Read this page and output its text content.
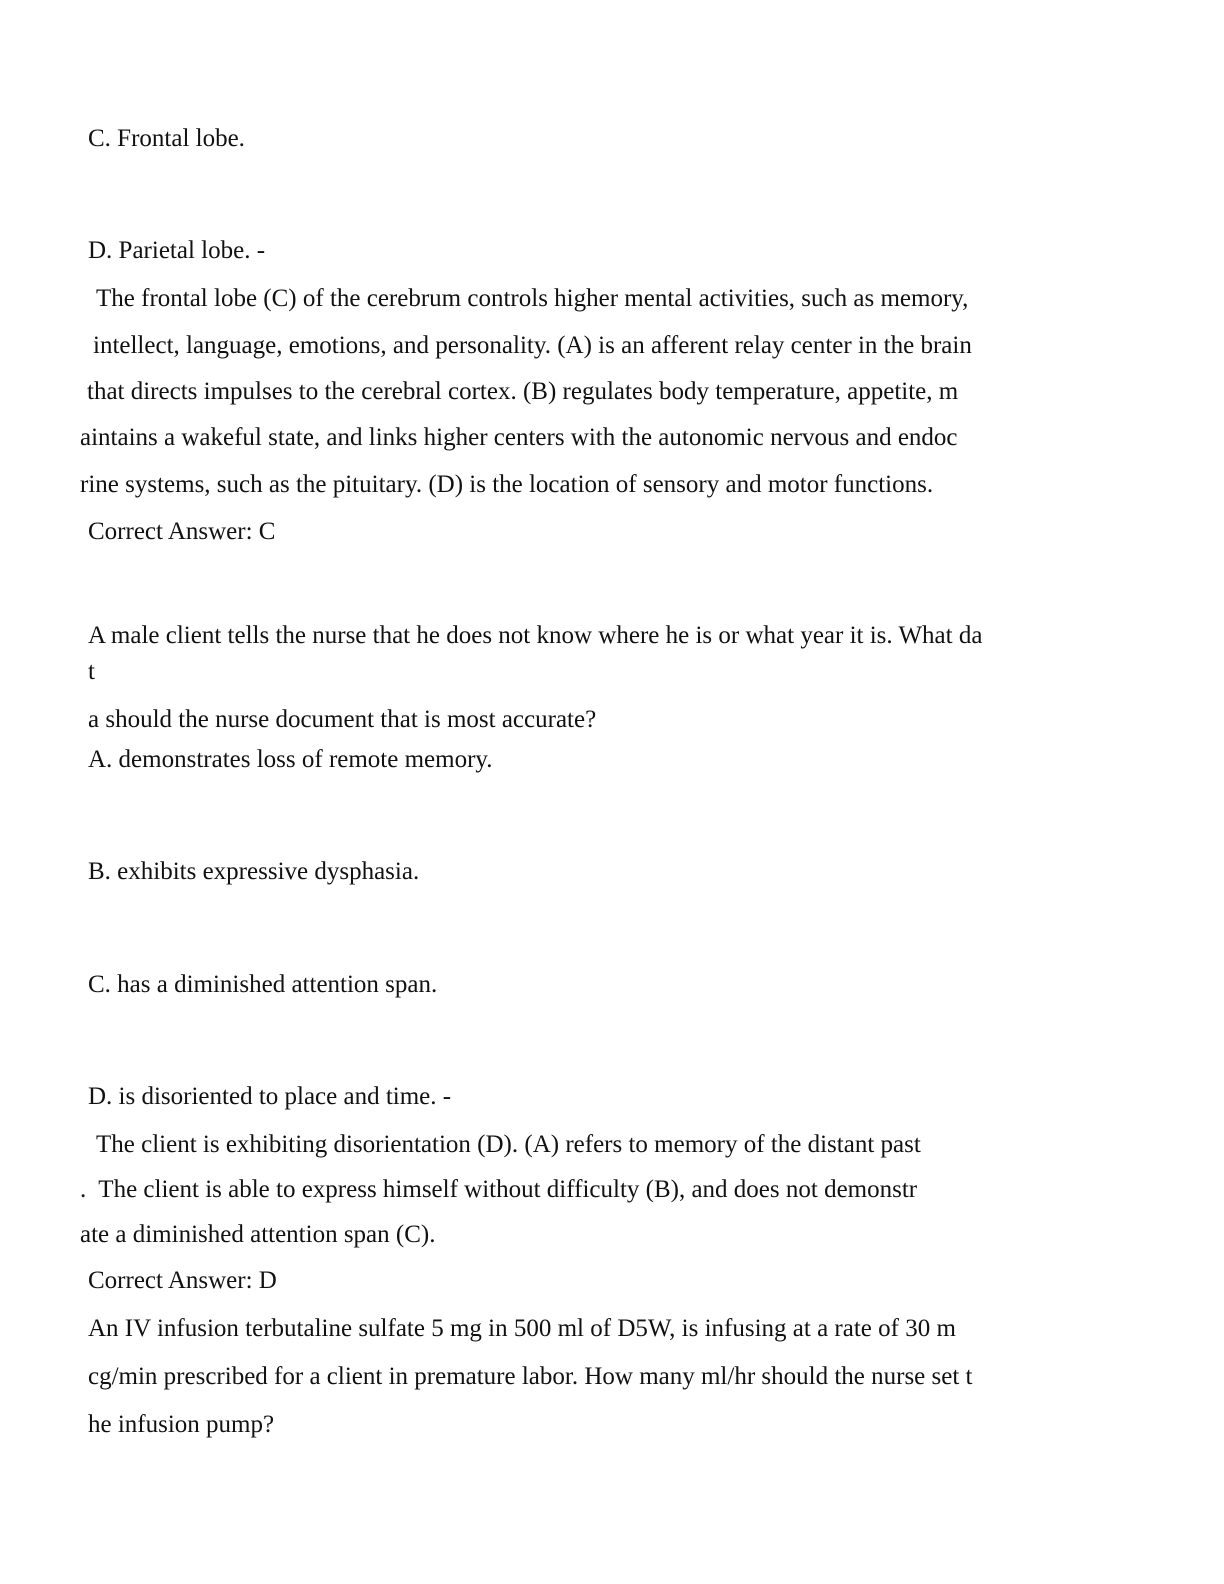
C. Frontal lobe.

D. Parietal lobe. -

The frontal lobe (C) of the cerebrum controls higher mental activities, such as memory,

intellect, language, emotions, and personality. (A) is an afferent relay center in the brain

that directs impulses to the cerebral cortex. (B) regulates body temperature, appetite, m

aintains a wakeful state, and links higher centers with the autonomic nervous and endoc

rine systems, such as the pituitary. (D) is the location of sensory and motor functions.

Correct Answer: C

A male client tells the nurse that he does not know where he is or what year it is. What da

t

a should the nurse document that is most accurate?

A. demonstrates loss of remote memory.

B. exhibits expressive dysphasia.

C. has a diminished attention span.

D. is disoriented to place and time. -

The client is exhibiting disorientation (D). (A) refers to memory of the distant past

.  The client is able to express himself without difficulty (B), and does not demonstr

ate a diminished attention span (C).

Correct Answer: D

An IV infusion terbutaline sulfate 5 mg in 500 ml of D5W, is infusing at a rate of 30 m

cg/min prescribed for a client in premature labor. How many ml/hr should the nurse set t

he infusion pump?
